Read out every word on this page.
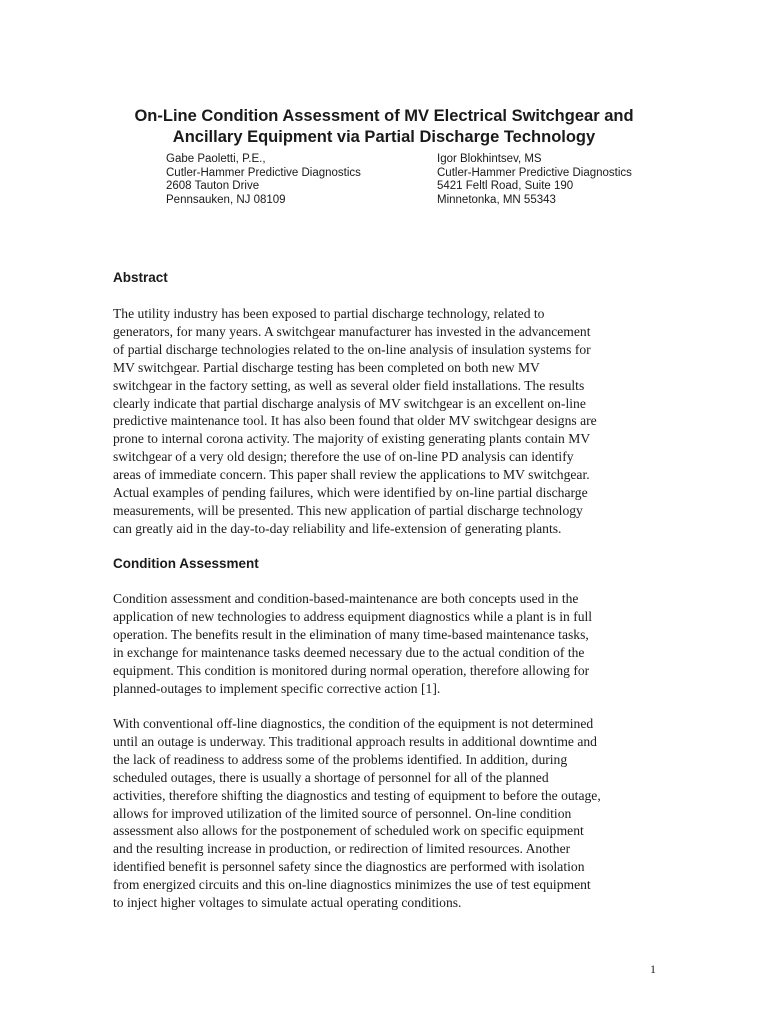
On-Line Condition Assessment of MV Electrical Switchgear and
Ancillary Equipment via Partial Discharge Technology
Gabe Paoletti, P.E.,
Cutler-Hammer Predictive Diagnostics
2608 Tauton Drive
Pennsauken, NJ 08109
Igor Blokhintsev, MS
Cutler-Hammer Predictive Diagnostics
5421 Feltl Road, Suite 190
Minnetonka, MN 55343
Abstract

The utility industry has been exposed to partial discharge technology, related to
generators, for many years. A switchgear manufacturer has invested in the advancement
of partial discharge technologies related to the on-line analysis of insulation systems for
MV switchgear. Partial discharge testing has been completed on both new MV
switchgear in the factory setting, as well as several older field installations. The results
clearly indicate that partial discharge analysis of MV switchgear is an excellent on-line
predictive maintenance tool. It has also been found that older MV switchgear designs are
prone to internal corona activity. The majority of existing generating plants contain MV
switchgear of a very old design; therefore the use of on-line PD analysis can identify
areas of immediate concern. This paper shall review the applications to MV switchgear.
Actual examples of pending failures, which were identified by on-line partial discharge
measurements, will be presented. This new application of partial discharge technology
can greatly aid in the day-to-day reliability and life-extension of generating plants.

Condition Assessment

Condition assessment and condition-based-maintenance are both concepts used in the
application of new technologies to address equipment diagnostics while a plant is in full
operation. The benefits result in the elimination of many time-based maintenance tasks,
in exchange for maintenance tasks deemed necessary due to the actual condition of the
equipment. This condition is monitored during normal operation, therefore allowing for
planned-outages to implement specific corrective action [1].

With conventional off-line diagnostics, the condition of the equipment is not determined
until an outage is underway. This traditional approach results in additional downtime and
the lack of readiness to address some of the problems identified. In addition, during
scheduled outages, there is usually a shortage of personnel for all of the planned
activities, therefore shifting the diagnostics and testing of equipment to before the outage,
allows for improved utilization of the limited source of personnel. On-line condition
assessment also allows for the postponement of scheduled work on specific equipment
and the resulting increase in production, or redirection of limited resources. Another
identified benefit is personnel safety since the diagnostics are performed with isolation
from energized circuits and this on-line diagnostics minimizes the use of test equipment
to inject higher voltages to simulate actual operating conditions.

1
